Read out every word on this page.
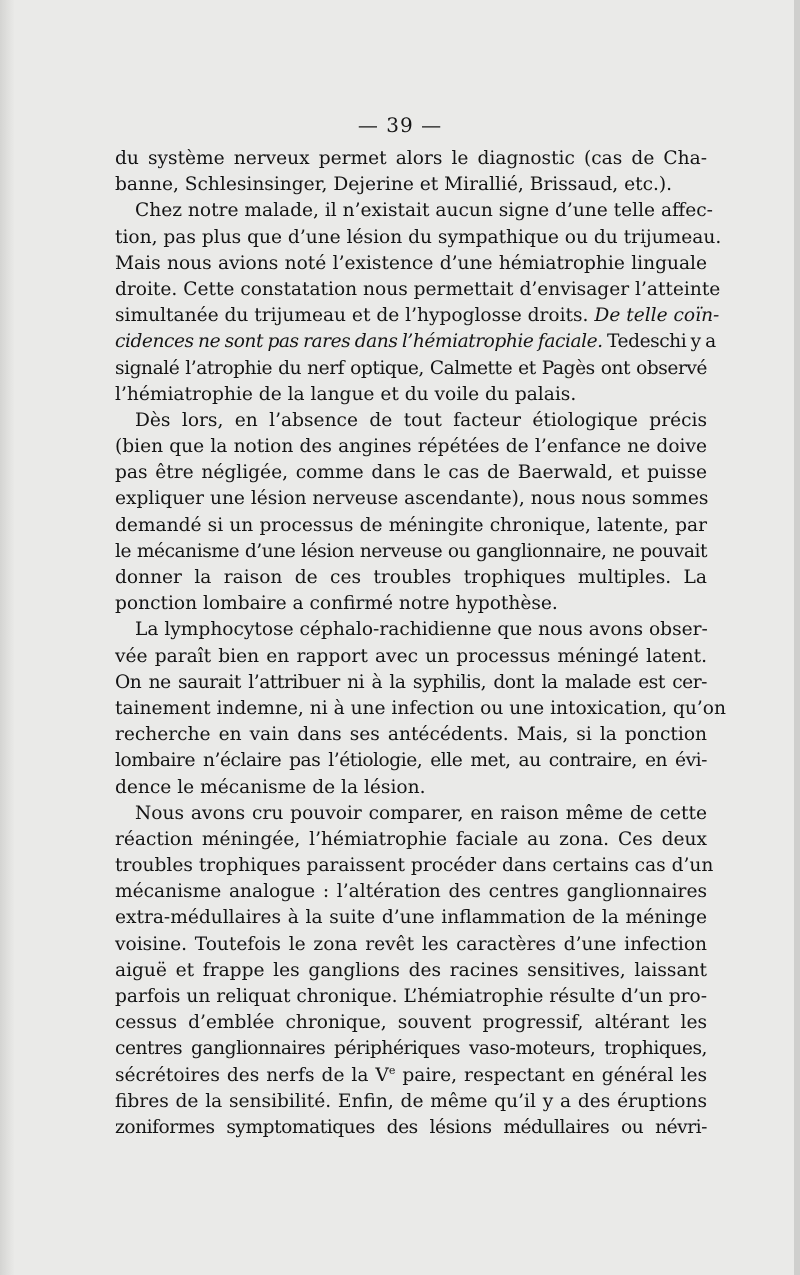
— 39 —
du système nerveux permet alors le diagnostic (cas de Cha-
banne, Schlesinsinger, Dejerine et Mirallié, Brissaud, etc.).
Chez notre malade, il n’existait aucun signe d’une telle affec-
tion, pas plus que d’une lésion du sympathique ou du trijumeau.
Mais nous avions noté l’existence d’une hémiatrophie linguale
droite. Cette constatation nous permettait d’envisager l’atteinte
simultanée du trijumeau et de l’hypoglosse droits. De telle coïn-
cidences ne sont pas rares dans l’hémiatrophie faciale. Tedeschi y a
signalé l’atrophie du nerf optique, Calmette et Pagès ont observé
l’hémiatrophie de la langue et du voile du palais.
Dès lors, en l’absence de tout facteur étiologique précis
(bien que la notion des angines répétées de l’enfance ne doive
pas être négligée, comme dans le cas de Baerwald, et puisse
expliquer une lésion nerveuse ascendante), nous nous sommes
demandé si un processus de méningite chronique, latente, par
le mécanisme d’une lésion nerveuse ou ganglionnaire, ne pouvait
donner la raison de ces troubles trophiques multiples. La
ponction lombaire a confirmé notre hypothèse.
La lymphocytose céphalo-rachidienne que nous avons obser-
vée paraît bien en rapport avec un processus méningé latent.
On ne saurait l’attribuer ni à la syphilis, dont la malade est cer-
tainement indemne, ni à une infection ou une intoxication, qu’on
recherche en vain dans ses antécédents. Mais, si la ponction
lombaire n’éclaire pas l’étiologie, elle met, au contraire, en évi-
dence le mécanisme de la lésion.
Nous avons cru pouvoir comparer, en raison même de cette
réaction méningée, l’hémiatrophie faciale au zona. Ces deux
troubles trophiques paraissent procéder dans certains cas d’un
mécanisme analogue : l’altération des centres ganglionnaires
extra-médullaires à la suite d’une inflammation de la méninge
voisine. Toutefois le zona revêt les caractères d’une infection
aiguë et frappe les ganglions des racines sensitives, laissant
parfois un reliquat chronique. L’hémiatrophie résulte d’un pro-
cessus d’emblée chronique, souvent progressif, altérant les
centres ganglionnaires périphériques vaso-moteurs, trophiques,
sécrétoires des nerfs de la Ve paire, respectant en général les
fibres de la sensibilité. Enfin, de même qu’il y a des éruptions
zoniformes symptomatiques des lésions médullaires ou névri-
